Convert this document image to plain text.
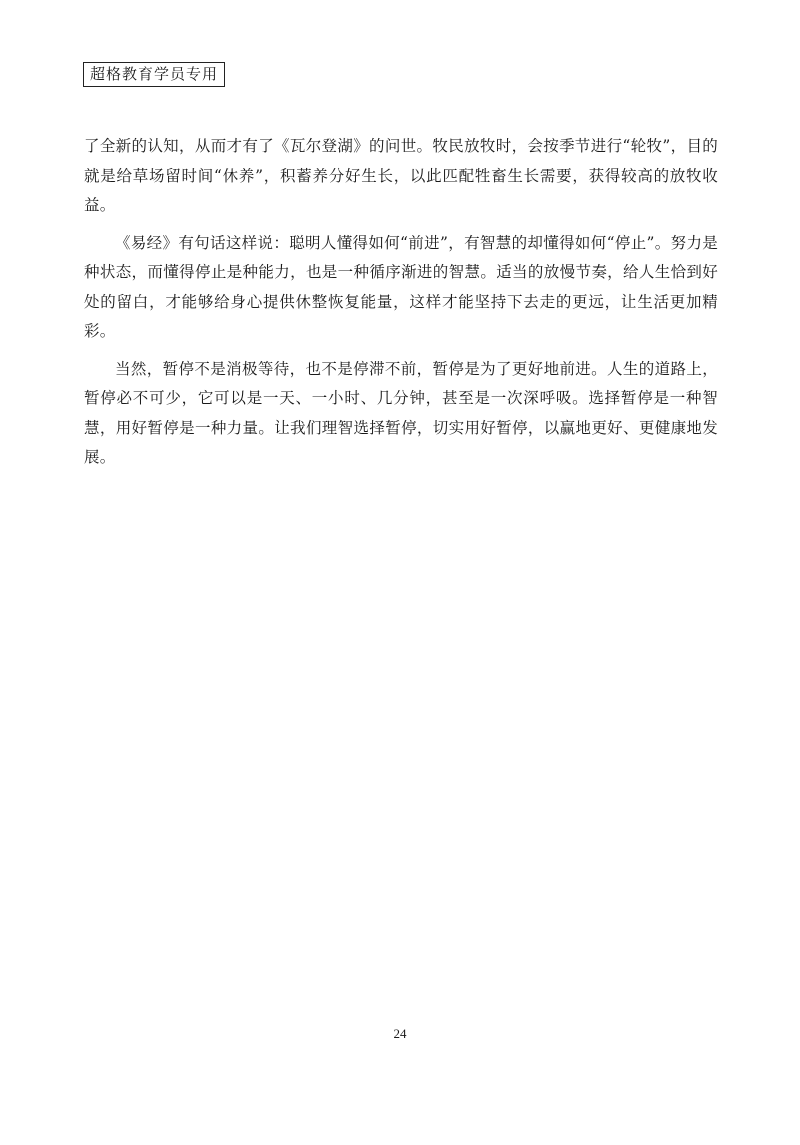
超格教育学员专用

了全新的认知，从而才有了《瓦尔登湖》的问世。牧民放牧时，会按季节进行“轮牧”，目的就是给草场留时间“休养”，积蓄养分好生长，以此匹配牲畜生长需要，获得较高的放牧收益。

《易经》有句话这样说：聪明人懂得如何“前进”，有智慧的却懂得如何“停止”。努力是种状态，而懂得停止是种能力，也是一种循序渐进的智慧。适当的放慢节奏，给人生恰到好处的留白，才能够给身心提供休整恢复能量，这样才能坚持下去走的更远，让生活更加精彩。

当然，暂停不是消极等待，也不是停滞不前，暂停是为了更好地前进。人生的道路上，暂停必不可少，它可以是一天、一小时、几分钟，甚至是一次深呼吸。选择暂停是一种智慧，用好暂停是一种力量。让我们理智选择暂停，切实用好暂停，以赢地更好、更健康地发展。

24
